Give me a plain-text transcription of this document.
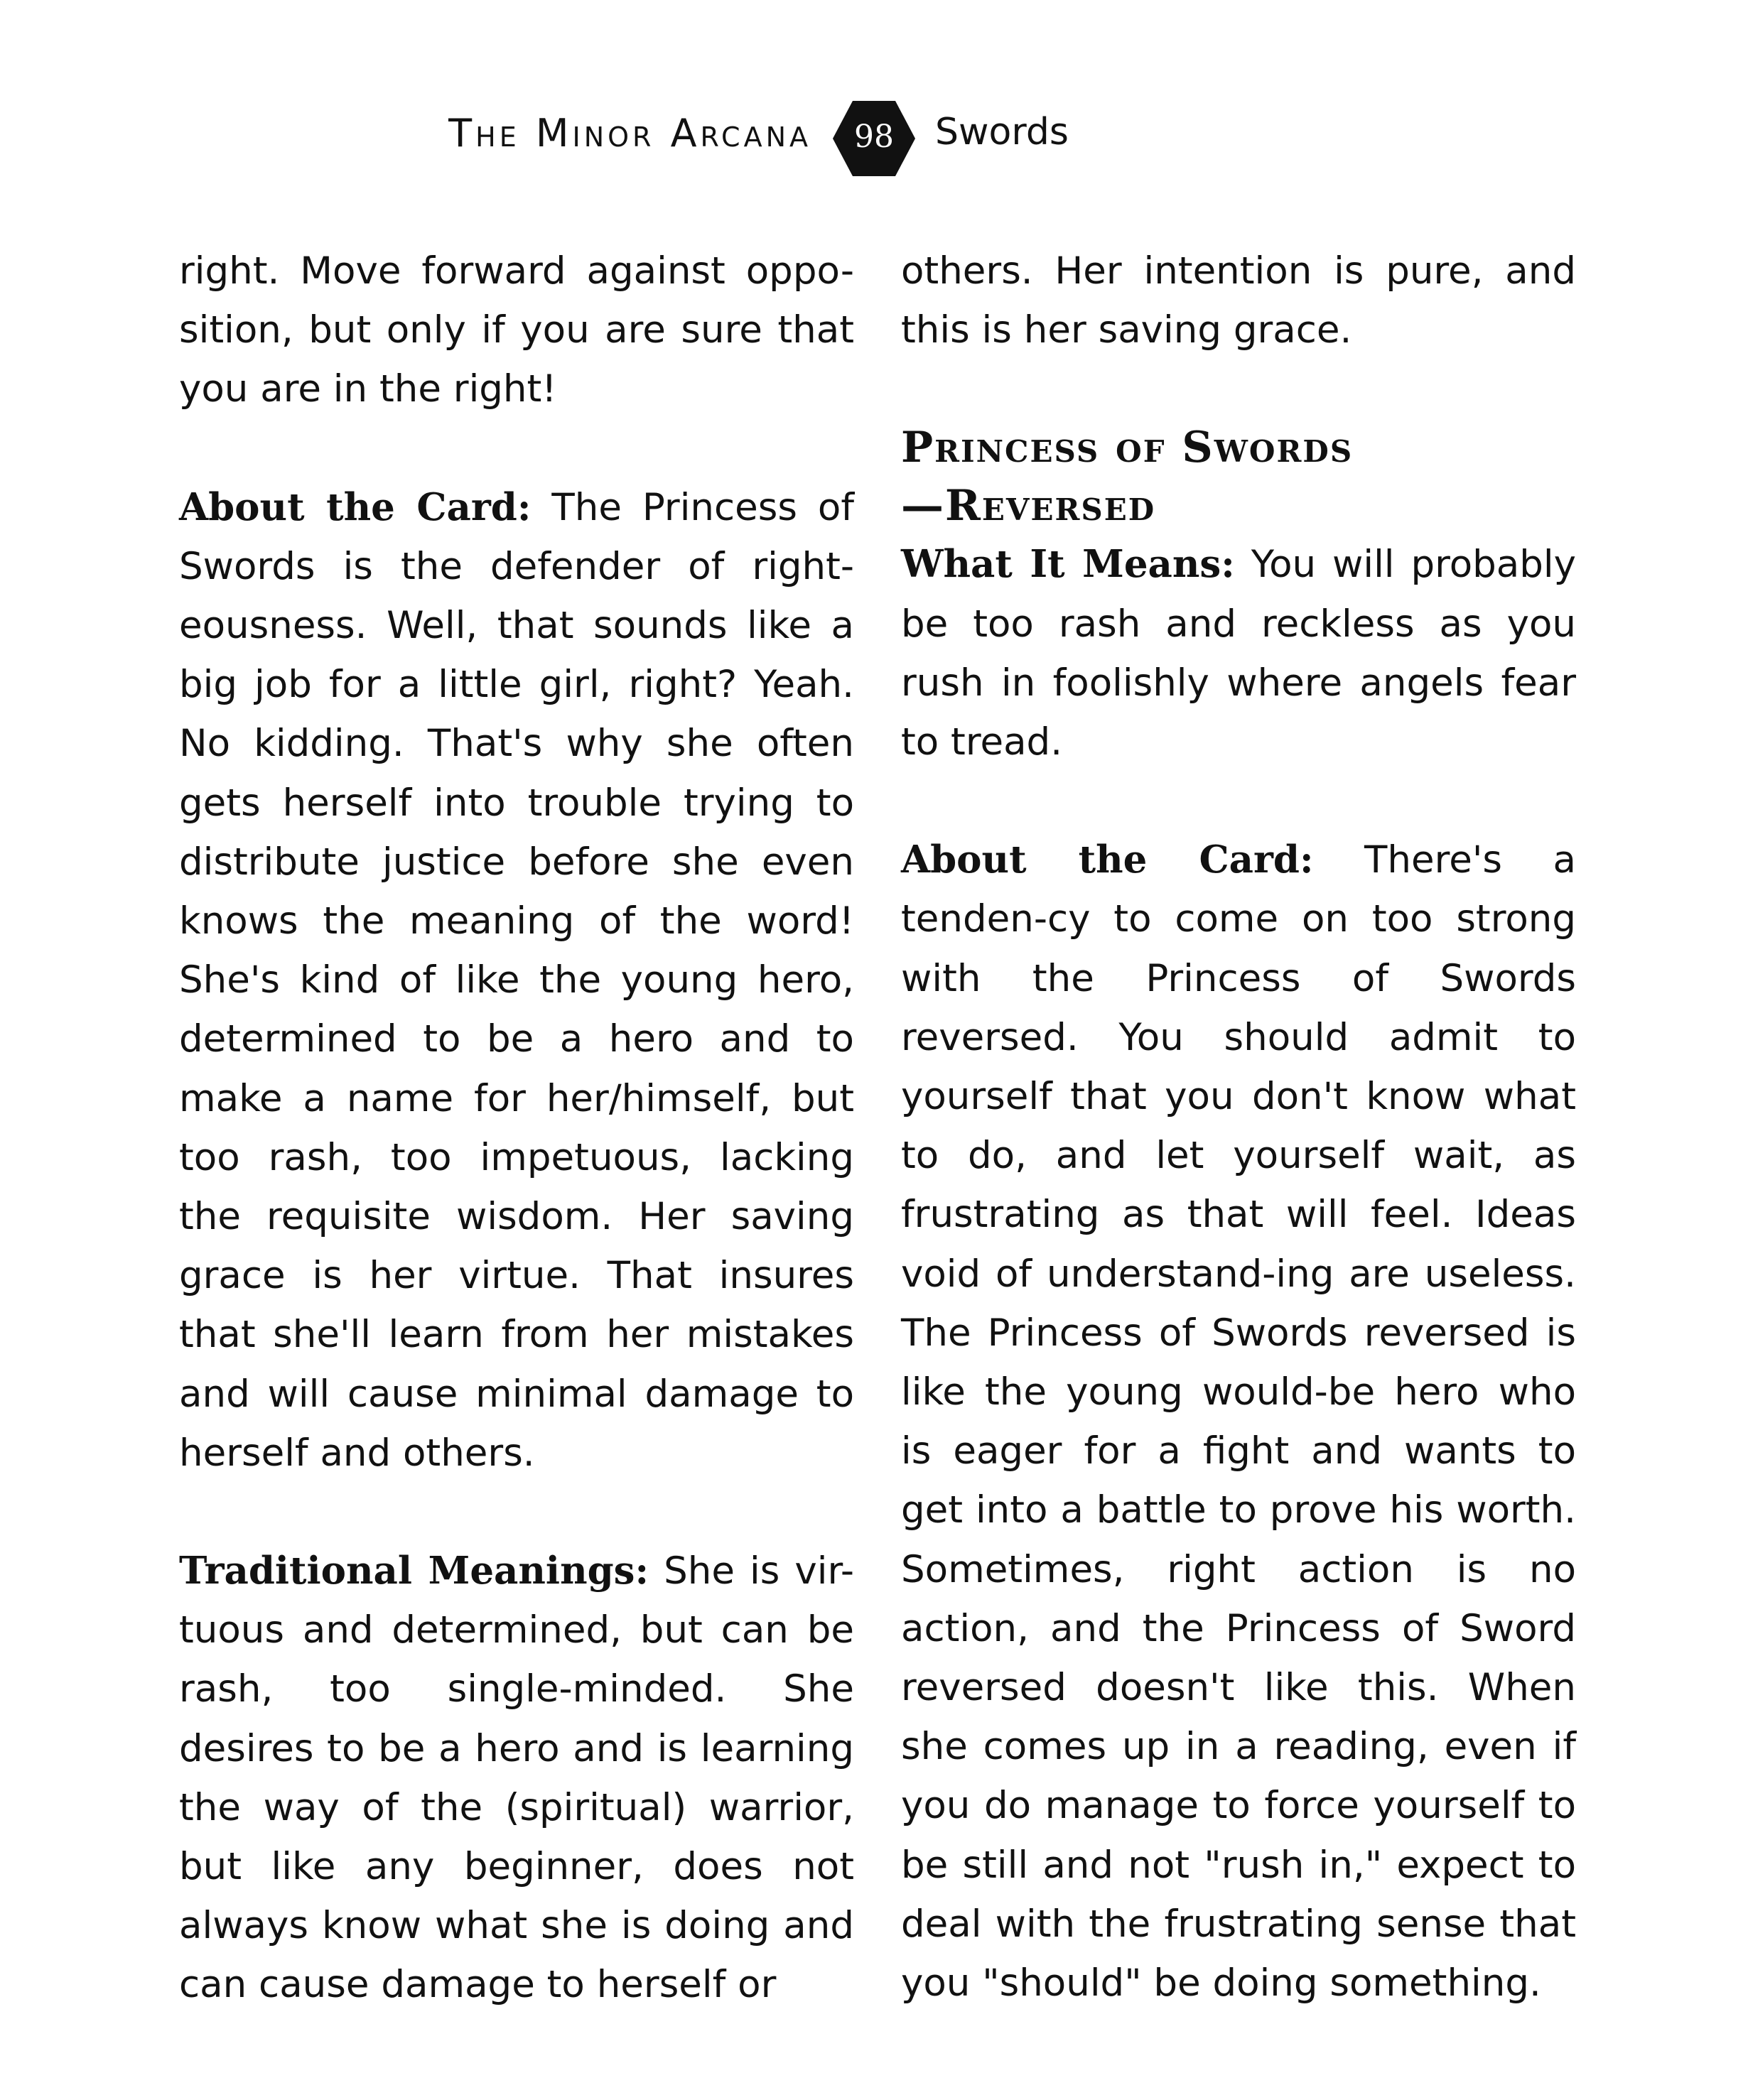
The Minor Arcana	98	Swords

right. Move forward against oppo-sition, but only if you are sure that you are in the right!

About the Card: The Princess of Swords is the defender of right-eousness. Well, that sounds like a big job for a little girl, right? Yeah. No kidding. That's why she often gets herself into trouble trying to distribute justice before she even knows the meaning of the word! She's kind of like the young hero, determined to be a hero and to make a name for her/himself, but too rash, too impetuous, lacking the requisite wisdom. Her saving grace is her virtue. That insures that she'll learn from her mistakes and will cause minimal damage to herself and others.

Traditional Meanings: She is vir-tuous and determined, but can be rash, too single-minded. She desires to be a hero and is learning the way of the (spiritual) warrior, but like any beginner, does not always know what she is doing and can cause damage to herself or

others. Her intention is pure, and this is her saving grace.

Princess of Swords
—Reversed

What It Means: You will probably be too rash and reckless as you rush in foolishly where angels fear to tread.

About the Card: There's a tenden-cy to come on too strong with the Princess of Swords reversed. You should admit to yourself that you don't know what to do, and let yourself wait, as frustrating as that will feel. Ideas void of understand-ing are useless. The Princess of Swords reversed is like the young would-be hero who is eager for a fight and wants to get into a battle to prove his worth. Sometimes, right action is no action, and the Princess of Sword reversed doesn't like this. When she comes up in a reading, even if you do manage to force yourself to be still and not "rush in," expect to deal with the frustrating sense that you "should" be doing something.
